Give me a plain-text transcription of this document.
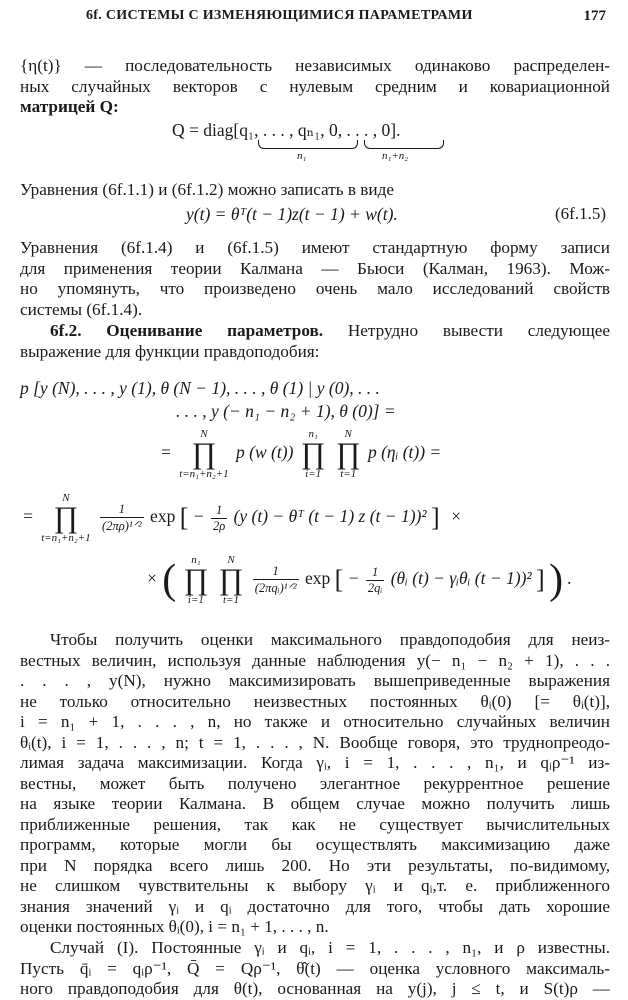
6f. СИСТЕМЫ С ИЗМЕНЯЮЩИМИСЯ ПАРАМЕТРАМИ	177
{η(t)} — последовательность независимых одинаково распределен-
ных случайных векторов с нулевым средним и ковариационной
матрицей Q:
Q = diag[q₁, . . . , qₙ₁, 0, . . . , 0].
n₁	n₁+n₂
Уравнения (6f.1.1) и (6f.1.2) можно записать в виде
y(t) = θᵀ(t − 1)z(t − 1) + w(t).	(6f.1.5)
Уравнения (6f.1.4) и (6f.1.5) имеют стандартную форму записи
для применения теории Калмана — Бьюси (Калман, 1963). Мож-
но упомянуть, что произведено очень мало исследований свойств
системы (6f.1.4).
6f.2. Оценивание параметров. Нетрудно вывести следующее
выражение для функции правдоподобия:
p [y (N), . . . , y (1), θ (N − 1), . . . , θ (1) | y (0), . . .
. . . , y (− n₁ − n₂ + 1), θ (0)] =
=
N
∏
t=n₁+n₂+1
p (w (t))
n₁
∏
i=1

N
∏
t=1
p (ηᵢ (t)) =
=
N
∏
t=n₁+n₂+1

$\frac{1}{\text{(2πρ)¹ᐟ²}}$ exp [ − $\frac{1}{2\rho} (y$ (t) − θᵀ (t − 1) z (t − 1))² ] ×
× (	n₁
∏
i=1

N
∏
t=1

$\frac{1}{\text{(2πqᵢ)¹ᐟ²}}$ exp [ − $\frac{1}{\text{2qᵢ}}$ (θᵢ (t) − γᵢθᵢ (t − 1))² ] ) .
Чтобы получить оценки максимального правдоподобия для неиз-
вестных величин, используя данные наблюдения y(− n₁ − n₂ + 1), . . .
. . . , y(N), нужно максимизировать вышеприведенные выражения
не только относительно неизвестных постоянных θᵢ(0) [= θᵢ(t)],
i = n₁ + 1, . . . , n, но также и относительно случайных величин
θᵢ(t), i = 1, . . . , n; t = 1, . . . , N. Вообще говоря, это труднопреодо-
лимая задача максимизации. Когда γᵢ, i = 1, . . . , n₁, и qᵢρ⁻¹ из-
вестны, может быть получено элегантное рекуррентное решение
на языке теории Калмана. В общем случае можно получить лишь
приближенные решения, так как не существует вычислительных
программ, которые могли бы осуществлять максимизацию даже
при N порядка всего лишь 200. Но эти результаты, по-видимому,
не слишком чувствительны к выбору γᵢ и qᵢ,т. е. приближенного
знания значений γᵢ и qᵢ достаточно для того, чтобы дать хорошие
оценки постоянных θᵢ(0), i = n₁ + 1, . . . , n.
Случай (I). Постоянные γᵢ и qᵢ, i = 1, . . . , n₁, и ρ известны.
Пусть q̄ᵢ = qᵢρ⁻¹, Q̄ = Qρ⁻¹, θ̂(t) — оценка условного максималь-
ного правдоподобия для θ(t), основанная на y(j), j ≤ t, и S(t)ρ —
